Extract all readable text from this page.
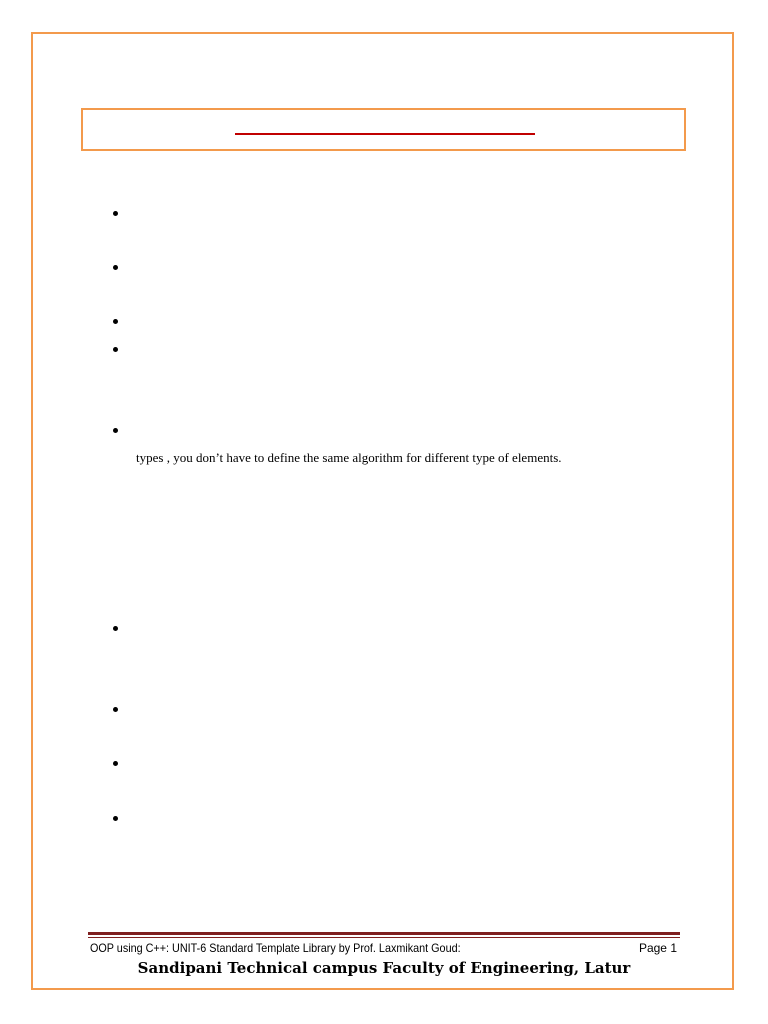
types , you don’t have to define the same algorithm for different type of elements.
OOP using C++: UNIT-6 Standard Template Library by Prof. Laxmikant Goud:	Page 1
Sandipani Technical campus Faculty of Engineering, Latur
